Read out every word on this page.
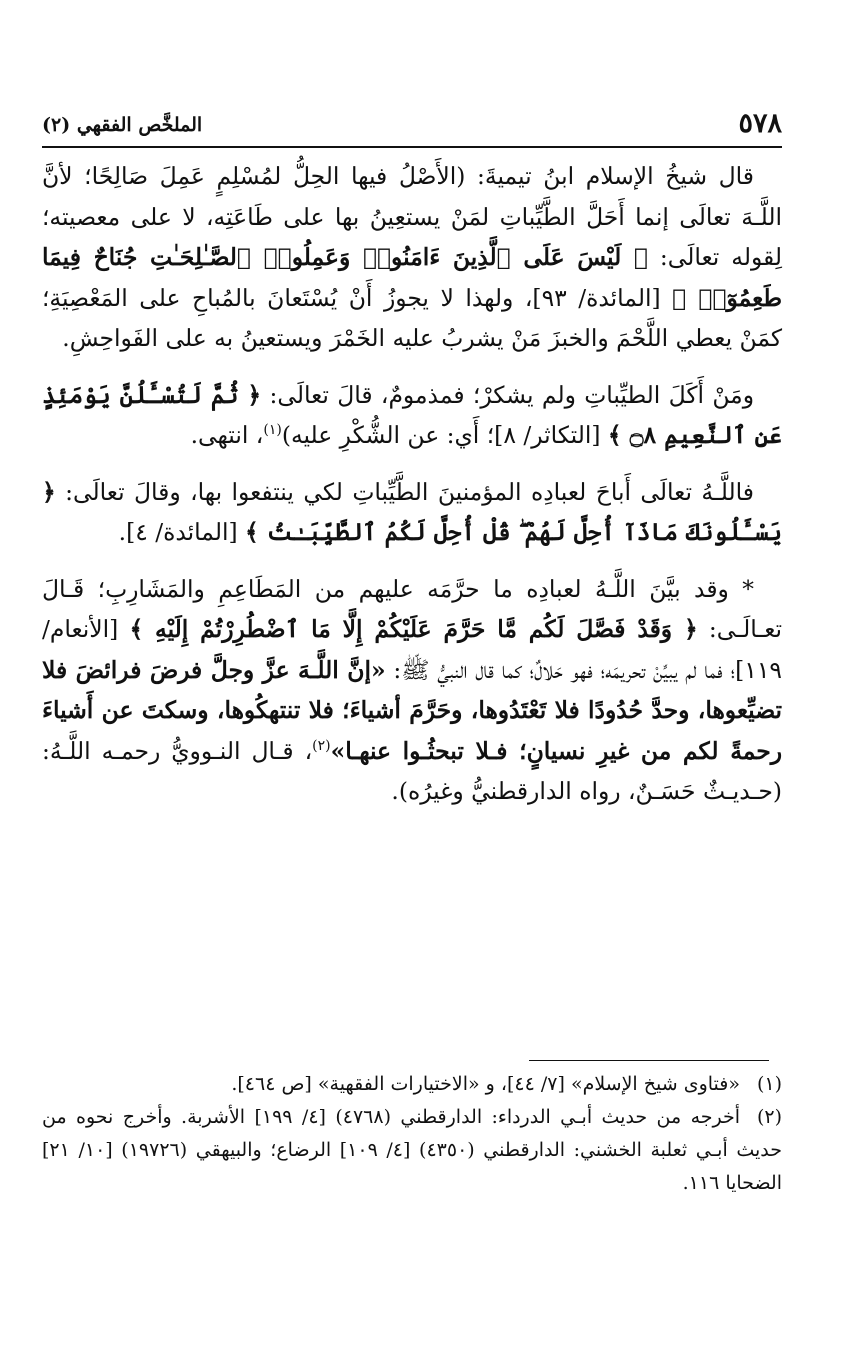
٥٧٨
الملخَّص الفقهي (٢)

قال شيخُ الإسلام ابنُ تيميةَ: (الأَصْلُ فيها الحِلُّ لمُسْلِمٍ عَمِلَ صَالِحًا؛ لأنَّ اللَّـهَ تعالَى إنما أَحَلَّ الطَّيِّباتِ لمَنْ يستعِينُ بها على طَاعَتِه، لا على معصيته؛ لِقوله تعالَى: ﴿ لَيْسَ عَلَى ٱلَّذِينَ ءَامَنُوا۟ وَعَمِلُوا۟ ٱلصَّـٰلِحَـٰتِ جُنَاحٌ فِيمَا طَعِمُوٓا۟ ﴾ [المائدة/ ٩٣]، ولهذا لا يجوزُ أَنْ يُسْتَعانَ بالمُباحِ على المَعْصِيَةِ؛ كمَنْ يعطي اللَّحْمَ والخبزَ مَنْ يشربُ عليه الخَمْرَ ويستعينُ به على الفَواحِشِ.

ومَنْ أَكَلَ الطيِّباتِ ولم يشكرْ؛ فمذمومٌ، قالَ تعالَى: ﴿ ثُمَّ لَتُسْـَٔلُنَّ يَوْمَئِذٍ عَنِ ٱلنَّعِيمِ ۝٨ ﴾ [التكاثر/ ٨]؛ أَي: عن الشُّكْرِ عليه)$^{(١)}$، انتهى.

فاللَّـهُ تعالَى أَباحَ لعبادِه المؤمنينَ الطَّيِّباتِ لكي ينتفعوا بها، وقالَ تعالَى: ﴿ يَسْـَٔلُونَكَ مَاذَآ أُحِلَّ لَهُمْ ۖ قُلْ أُحِلَّ لَكُمُ ٱلطَّيِّبَـٰتُ ﴾ [المائدة/ ٤].

* وقد بيَّنَ اللَّـهُ لعبادِه ما حرَّمَه عليهم من المَطَاعِمِ والمَشَارِبِ؛ قَـالَ تعـالَـى: ﴿ وَقَدْ فَصَّلَ لَكُم مَّا حَرَّمَ عَلَيْكُمْ إِلَّا مَا ٱضْطُرِرْتُمْ إِلَيْهِ ﴾ [الأنعام/ ١١٩]؛ فما لم يبيِّنْ تحريمَه؛ فهو حَلالٌ؛ كما قال النبيُّ ﷺ: «إنَّ اللَّـهَ عزَّ وجلَّ فرضَ فرائضَ فلا تضيِّعوها، وحدَّ حُدُودًا فلا تَعْتَدُوها، وحَرَّمَ أشياءَ؛ فلا تنتهكُوها، وسكتَ عن أَشياءَ رحمةً لكم من غيرِ نسيانٍ؛ فـلا تبحثُـوا عنهـا»$^{(٢)}$، قـال النـوويُّ رحمـه اللَّـهُ: (حـديـثٌ حَسَـنٌ، رواه الدارقطنيُّ وغيرُه).

(١)«فتاوى شيخ الإسلام» [٧/ ٤٤]، و «الاختيارات الفقهية» [ص ٤٦٤].

(٢)أخرجه من حديث أبـي الدرداء: الدارقطني (٤٧٦٨) [٤/ ١٩٩] الأشربة. وأخرج نحوه من حديث أبـي ثعلبة الخشني: الدارقطني (٤٣٥٠) [٤/ ١٠٩] الرضاع؛ والبيهقي (١٩٧٢٦) [١٠/ ٢١] الضحايا ١١٦.
